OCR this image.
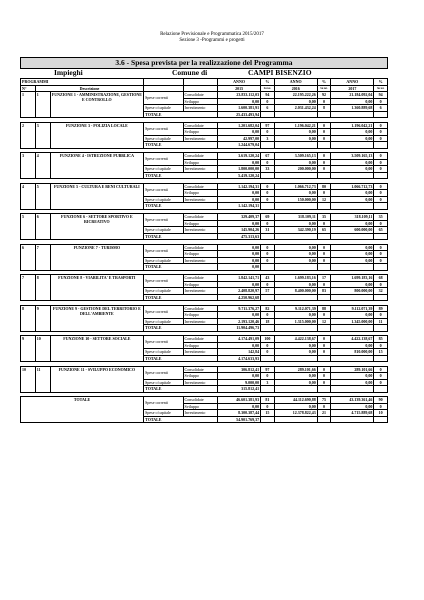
Relazione Previsionale e Programmatica 2015/2017
Sezione 3 -Programmi e progetti
3.6 - Spesa prevista per la realizzazione del Programma
Impieghi	Comune di	CAMPI BISENZIO
PROGRAMMI					ANNO	%	ANNO	%	ANNO	%
N°	Descrizione				2015	Su tot.	2016	Su tot.	2017	Su tot.
1	1	FUNZIONE 1 - AMMINISTRAZIONE, GESTIONE E CONTROLLO	Spese correnti	Consolidate	23.833.112,03	94	22.195.222,26	92	21.184.092,04	94
				Sviluppo	0,00	0	0,00	0	0,00	0
			Spese c/capitale	Investimento	1.600.381,91	6	2.031.432,24	8	1.360.889,68	6
			TOTALE		25.433.493,94					

2	3	FUNZIONE 3 - POLIZIA LOCALE	Spese correnti	Consolidate	1.201.682,04	97	1.196.042,21	0	1.196.042,21	0
				Sviluppo	0,00	0	0,00	0	0,00	0
			Spese c/capitale	Investimento	42.997,00	3	0,00	0	0,00	0
			TOTALE		1.244.679,04					

3	4	FUNZIONE 4 - ISTRUZIONE PUBBLICA	Spese correnti	Consolidate	3.619.120,24	67	3.509.165,13	0	3.509.165,13	0
				Sviluppo	0,00	0	0,00	0	0,00	0
			Spese c/capitale	Investimento	1.800.000,00	33	200.000,00	0	0,00	0
			TOTALE		5.419.120,24					

4	5	FUNZIONE 5 - CULTURA E BENI CULTURALI	Spese correnti	Consolidate	1.142.194,31	0	1.066.712,73	80	1.066.712,73	0
				Sviluppo	0,00	0	0,00	0	0,00	0
			Spese c/capitale	Investimento	0,00	0	150.000,00	12	0,00	0
			TOTALE		1.142.194,31					

5	6	FUNZIONE 6 - SETTORE SPORTIVO E RICREATIVO	Spese correnti	Consolidate	329.409,37	69	318.109,11	35	318.109,11	35
				Sviluppo	0,00	0	0,00	0	0,00	0
			Spese c/capitale	Investimento	145.904,26	31	342.390,19	65	600.000,00	65
			TOTALE		475.313,63					

6	7	FUNZIONE 7 - TURISMO	Spese correnti	Consolidate	0,00	0	0,00	0	0,00	0
				Sviluppo	0,00	0	0,00	0	0,00	0
			Spese c/capitale	Investimento	0,00	0	0,00	0	0,00	0
			TOTALE		0,00					

7	8	FUNZIONE 8 - VIABILITA' E TRASPORTI	Spese correnti	Consolidate	1.842.141,71	43	1.699.183,16	17	1.699.183,16	68
				Sviluppo	0,00	0	0,00	0	0,00	0
			Spese c/capitale	Investimento	2.408.820,97	57	8.400.000,00	83	800.000,00	32
			TOTALE		4.250.962,68					

8	9	FUNZIONE 9 - GESTIONE DEL TERRITORIO E DELL'AMBIENTE	Spese correnti	Consolidate	9.711.376,27	82	9.112.071,39	88	9.112.071,39	89
				Sviluppo	0,00	0	0,00	0	0,00	0
			Spese c/capitale	Investimento	2.193.120,46	18	1.315.000,00	12	1.345.000,00	11
			TOTALE		11.904.496,73					

9	10	FUNZIONE 10 - SETTORE SOCIALE	Spese correnti	Consolidate	4.174.491,09	100	4.422.138,67	0	4.422.138,67	85
				Sviluppo	0,00	0	0,00	0	0,00	0
			Spese c/capitale	Investimento	142,84	0	0,00	0	810.000,00	15
			TOTALE		4.174.633,93					

10	11	FUNZIONE 11 - SVILUPPO ECONOMICO	Spese correnti	Consolidate	306.812,41	97	289.101,66	0	289.101,66	0
				Sviluppo	0,00	0	0,00	0	0,00	0
			Spese c/capitale	Investimento	9.000,00	3	0,00	0	0,00	0
			TOTALE		315.812,41					

TOTALE			Spese correnti	Consolidate	46.601.381,93	81	44.112.690,88	75	43.139.361,46	90
				Sviluppo	0,00	0	0,00	0	0,00	0
			Spese c/capitale	Investimento	8.300.387,44	15	12.378.822,43	21	4.715.889,68	10
			TOTALE		54.901.769,37					
